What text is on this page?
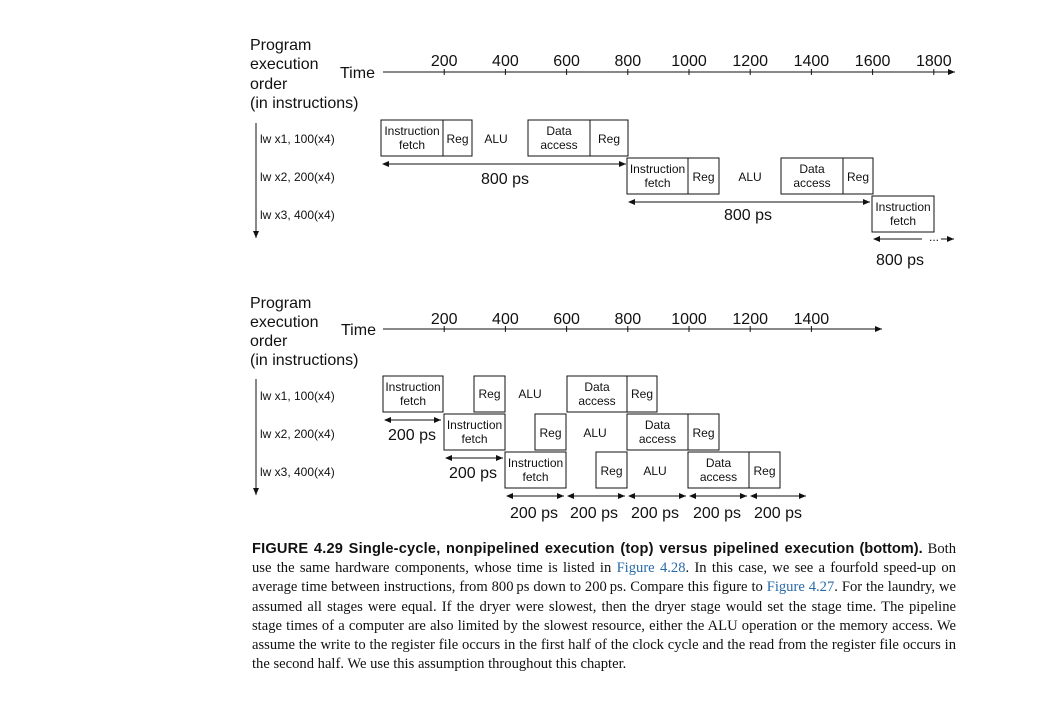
Program
execution
order
(in instructions)
Time
200 400 600 800 1000 1200 1400 1600 1800
lw x1, 100(x4)
lw x2, 200(x4)
lw x3, 400(x4)
Instruction
fetch Reg ALU
Data
access Reg
800 ps
Instruction
fetch Reg ALU
Data
access Reg
800 ps	Instruction
fetch
...
800 ps
Program
execution
order
(in instructions)
Time
200 400 600 800 1000 1200 1400
lw x1, 100(x4)
lw x2, 200(x4)
lw x3, 400(x4)
Instruction
fetch	Reg ALU	Data
access Reg
200 ps
Instruction
fetch	Reg ALU
Data
access Reg
200 ps
Instruction
fetch	Reg ALU
Data
access Reg
200 ps 200 ps 200 ps 200 ps 200 ps

FIGURE 4.29 Single-cycle, nonpipelined execution (top) versus pipelined execution (bottom). Both use the same hardware components, whose time is listed in Figure 4.28. In this case, we see a fourfold speed-up on average time between instructions, from 800 ps down to 200 ps. Compare this figure to Figure 4.27. For the laundry, we assumed all stages were equal. If the dryer were slowest, then the dryer stage would set the stage time. The pipeline stage times of a computer are also limited by the slowest resource, either the ALU operation or the memory access. We assume the write to the register file occurs in the first half of the clock cycle and the read from the register file occurs in the second half. We use this assumption throughout this chapter.
